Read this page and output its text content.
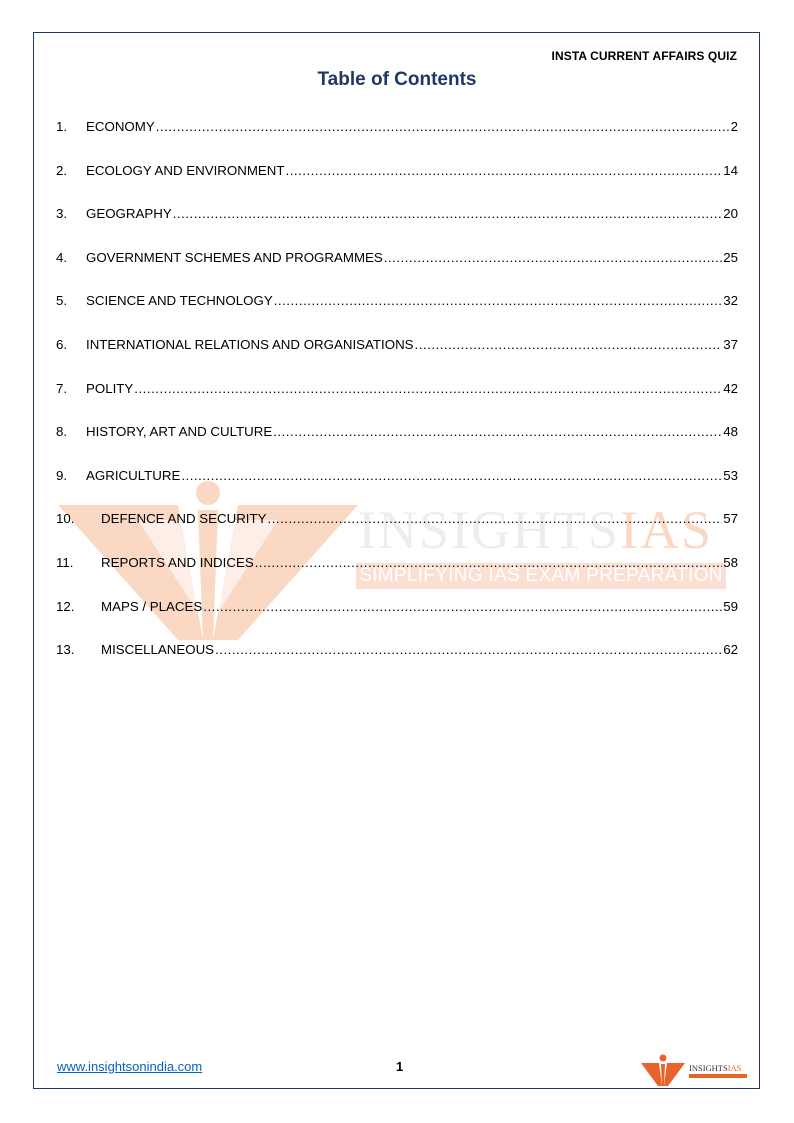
INSTA CURRENT AFFAIRS QUIZ
Table of Contents
INSIGHTSIAS
SIMPLIFYING IAS EXAM PREPARATION
1.	ECONOMY .....	2
2.	ECOLOGY AND ENVIRONMENT .....	14
3.	GEOGRAPHY .....	20
4.	GOVERNMENT SCHEMES AND PROGRAMMES .....	25
5.	SCIENCE AND TECHNOLOGY .....	32
6.	INTERNATIONAL RELATIONS AND ORGANISATIONS .....	37
7.	POLITY .....	42
8.	HISTORY, ART AND CULTURE .....	48
9.	AGRICULTURE .....	53
10.	DEFENCE AND SECURITY .....	57
11.	REPORTS AND INDICES .....	58
12.	MAPS / PLACES .....	59
13.	MISCELLANEOUS .....	62
www.insightsonindia.com	1	INSIGHTSIAS
